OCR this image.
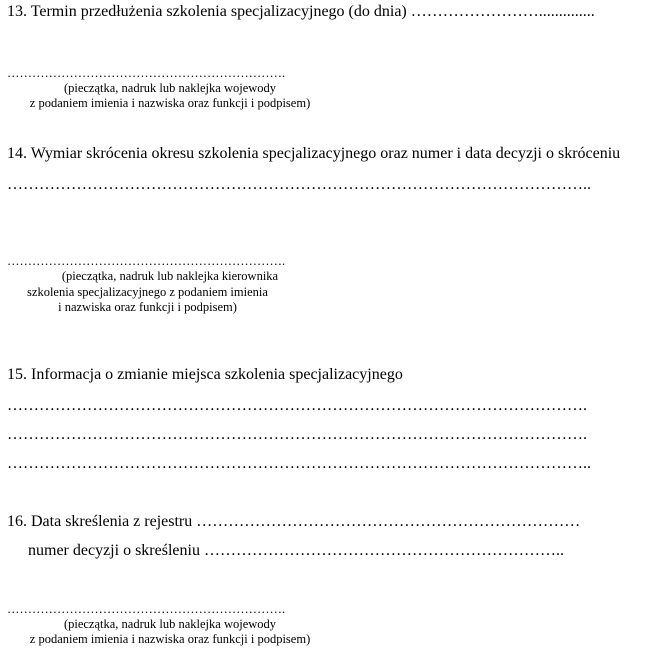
13. Termin przedłużenia szkolenia specjalizacyjnego (do dnia) ……………………..............
………………………………………………………….
(pieczątka, nadruk lub naklejka wojewody
z podaniem imienia i nazwiska oraz funkcji i podpisem)
14. Wymiar skrócenia okresu szkolenia specjalizacyjnego oraz numer i data decyzji o skróceniu
………………………………………………………………………………………………..
………………………………………………………….
(pieczątka, nadruk lub naklejka kierownika
szkolenia specjalizacyjnego z podaniem imienia
i nazwiska oraz funkcji i podpisem)
15. Informacja o zmianie miejsca szkolenia specjalizacyjnego
……………………………………………………………………………………………….
……………………………………………………………………………………………….
………………………………………………………………………………………………..
16. Data skreślenia z rejestru ………………………………………………………………
numer decyzji o skreśleniu …………………………………………………………..
………………………………………………………….
(pieczątka, nadruk lub naklejka wojewody
z podaniem imienia i nazwiska oraz funkcji i podpisem)
